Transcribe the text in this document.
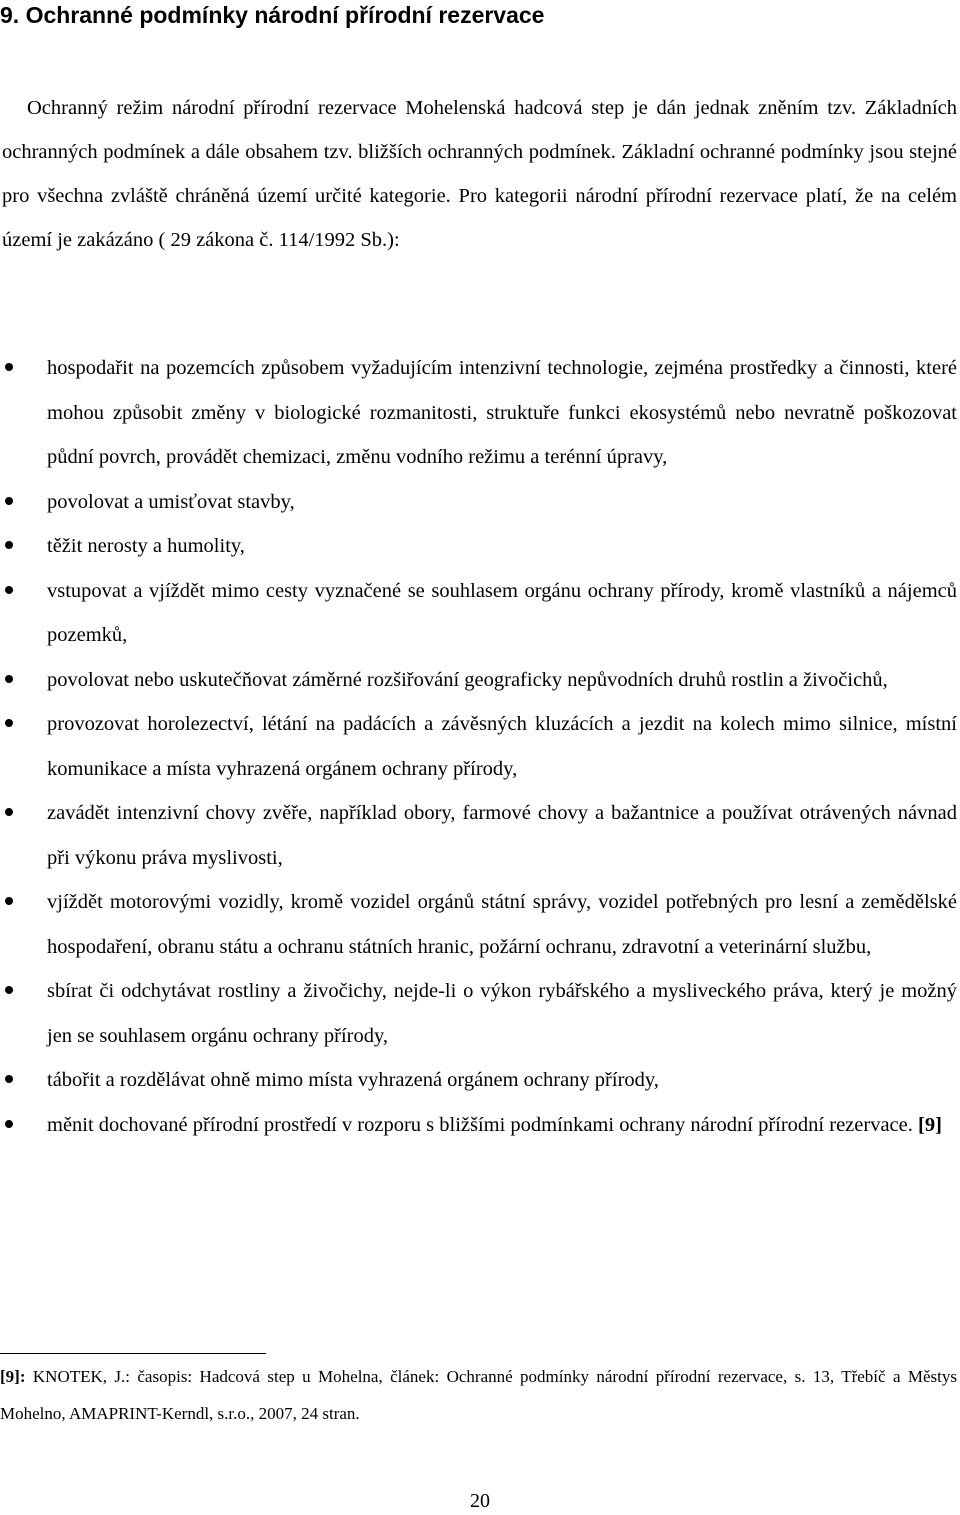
9. Ochranné podmínky národní přírodní rezervace

Ochranný režim národní přírodní rezervace Mohelenská hadcová step je dán jednak zněním tzv. Základních ochranných podmínek a dále obsahem tzv. bližších ochranných podmínek. Základní ochranné podmínky jsou stejné pro všechna zvláště chráněná území určité kategorie. Pro kategorii národní přírodní rezervace platí, že na celém území je zakázáno ( 29 zákona č. 114/1992 Sb.):

hospodařit na pozemcích způsobem vyžadujícím intenzivní technologie, zejména prostředky a činnosti, které mohou způsobit změny v biologické rozmanitosti, struktuře funkci ekosystémů nebo nevratně poškozovat půdní povrch, provádět chemizaci, změnu vodního režimu a terénní úpravy,
povolovat a umisťovat stavby,
těžit nerosty a humolity,
vstupovat a vjíždět mimo cesty vyznačené se souhlasem orgánu ochrany přírody, kromě vlastníků a nájemců pozemků,
povolovat nebo uskutečňovat záměrné rozšiřování geograficky nepůvodních druhů rostlin a živočichů,
provozovat horolezectví, létání na padácích a závěsných kluzácích a jezdit na kolech mimo silnice, místní komunikace a místa vyhrazená orgánem ochrany přírody,
zavádět intenzivní chovy zvěře, například obory, farmové chovy a bažantnice a používat otrávených návnad při výkonu práva myslivosti,
vjíždět motorovými vozidly, kromě vozidel orgánů státní správy, vozidel potřebných pro lesní a zemědělské hospodaření, obranu státu a ochranu státních hranic, požární ochranu, zdravotní a veterinární službu,
sbírat či odchytávat rostliny a živočichy, nejde-li o výkon rybářského a mysliveckého práva, který je možný jen se souhlasem orgánu ochrany přírody,
tábořit a rozdělávat ohně mimo místa vyhrazená orgánem ochrany přírody,
měnit dochované přírodní prostředí v rozporu s bližšími podmínkami ochrany národní přírodní rezervace. [9]

[9]: KNOTEK, J.: časopis: Hadcová step u Mohelna, článek: Ochranné podmínky národní přírodní rezervace, s. 13, Třebíč a Městys Mohelno, AMAPRINT-Kerndl, s.r.o., 2007, 24 stran.

20
